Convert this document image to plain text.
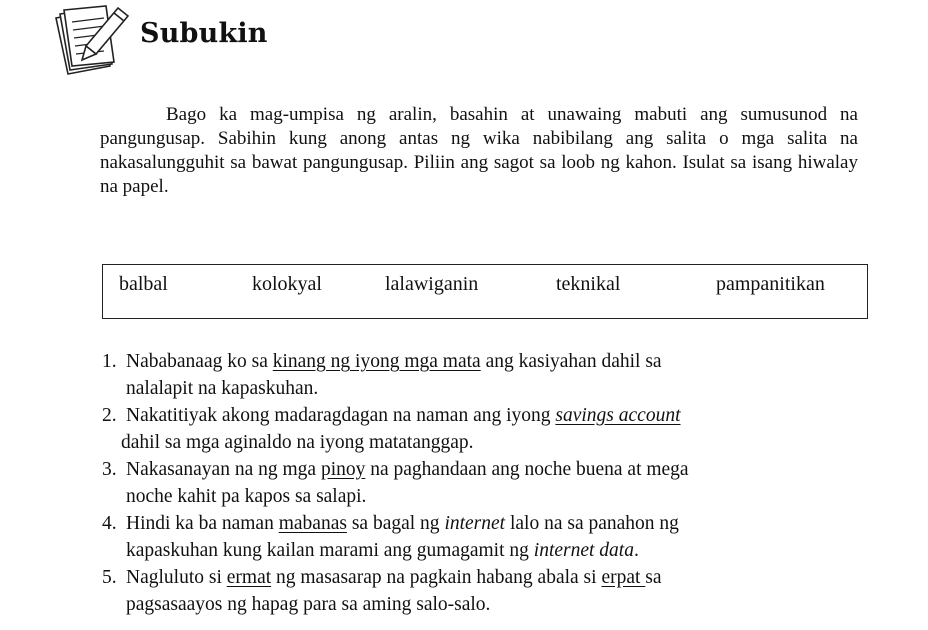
Subukin

Bago ka mag-umpisa ng aralin, basahin at unawaing mabuti ang sumusunod na pangungusap. Sabihin kung anong antas ng wika nabibilang ang salita o mga salita na nakasalungguhit sa bawat pangungusap. Piliin ang sagot sa loob ng kahon. Isulat sa isang hiwalay na papel.

balbal	kolokyal	lalawiganin	teknikal	pampanitikan
1. Nababanaag ko sa kinang ng iyong mga mata ang kasiyahan dahil sa
nalalapit na kapaskuhan.
2. Nakatitiyak akong madaragdagan na naman ang iyong savings account
dahil sa mga aginaldo na iyong matatanggap.
3. Nakasanayan na ng mga pinoy na paghandaan ang noche buena at mega
noche kahit pa kapos sa salapi.
4. Hindi ka ba naman mabanas sa bagal ng internet lalo na sa panahon ng
kapaskuhan kung kailan marami ang gumagamit ng internet data.
5. Nagluluto si ermat ng masasarap na pagkain habang abala si erpat sa
pagsasaayos ng hapag para sa aming salo-salo.
